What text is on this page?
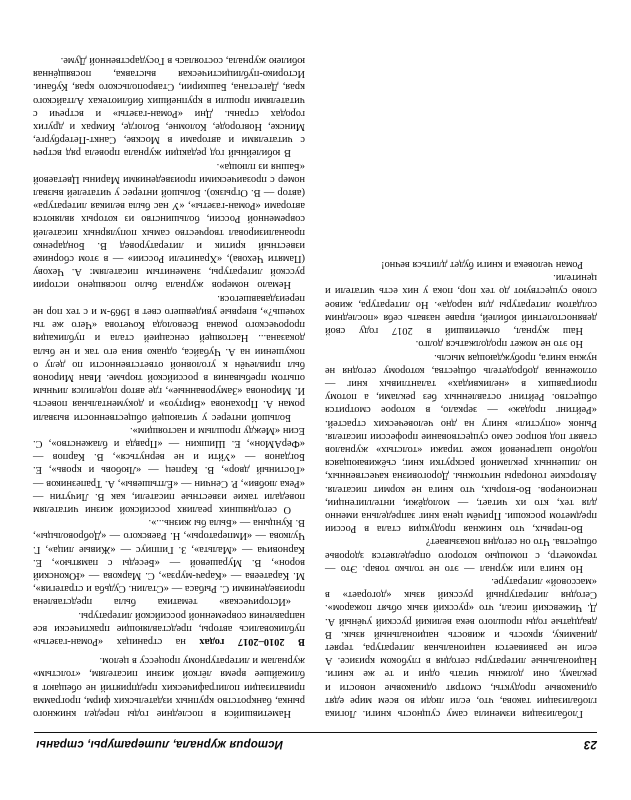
23
История журнала, литературы, страны

Глобализация изменила саму сущность книги. Логика глобализации такова, что, если люди во всем мире едят одинаковые продукты, смотрят одинаковые новости и рекламу, они должны читать одни и те же книги. Национальные литературы сегодня в глубоком кризисе. А если не развивается национальная литература, теряет динамику, яркость и живость национальный язык. В двадцатые годы прошлого века великий русский учёный А. Д. Чижевский писал, что «русский язык объят пожаром». Сегодня литературный русский язык «догорает» в «массовой» литературе.

Но книга или журнал — это не только товар. Это — термометр, с помощью которого определяется здоровье общества. Что он сегодня показывает?

Во-первых, что книжная продукция стала в России предметом роскоши. Причём цена книг запредельна именно для тех, кто их читает, — молодёжи, интеллигенции, пенсионеров. Во-вторых, что книга не кормит писателя. Авторские гонорары ничтожны. Дороговизна качественных, но лишенных рекламной раскрутки книг, съёживающаяся подобно шагреневой коже тиражи «толстых» журналов ставят под вопрос само существование профессии писателя. Рынок «опустил» книгу на дно человеческих страстей. «Рейтинг продаж» — зеркало, в которое смотрится общество. Рейтинг оставленных без реклами, а потому проигравших в «неликвидах» талантливых книг — отложенная добродетель общества, которому сегодня не нужна книга, пробуждающая мысль.

Но это не может продолжаться долго.

Наш журнал, отметивший в 2017 году свой девяностолетний юбилей, вправе назвать себя «последним солдатом литературы для народа». Но литература, живое слово существуют до тех пор, пока у них есть читатели и ценители.

Роман человека и книги будет длиться вечно!

Наметившийся в последние годы передел книжного рынка, банкротство крупных издательских фирм, программа приватизации полиграфических предприятий не обещают в ближайшее время лёгкой жизни писателям, «толстым» журналам и литературному процессу в целом.

В 2010–2017 годах на страницах «Роман-газеты» публиковались авторы, представляющие практически все направления современной российской литературы.

«Историческая» тематика была представлена произведениями С. Рыбаса — «Сталин. Судьба и стратегия», М. Каратеева — «Карач-мурза», С. Маркова — «Юконский ворон», В. Мурашевой — «Беседы с памятью», Е. Карновича — «Мальта», З. Гиппиус — «Живые лица», Г. Чулкова — «Императоры», Н. Раевского — «Добровольцы», В. Кунцына — «Была бы жизнь...».

О сегодняшних реалиях российской жизни читателям поведали такие известные писатели, как В. Личутин — «Река любви», Р. Сенчин — «Ёлтышевы», А. Трапезников — «Гостиный двор», В. Карпец — «Любовь и кровь», Е. Богданов — «Уйти и не вернуться», В. Карпов — «ФерАМон», Е. Шишкин — «Правда и блаженство», С. Есин «Между прошлым и настоящим».

Большой интерес у читающей общественности вызвали роман А. Проханова «Виртуоз» и документальная повесть И. Миронова «Замурованные», где автор поделился личным опытом пребывания в российской тюрьме. Иван Миронов был привлечён к уголовной ответственности по делу о покушении на А. Чубайса, однако вина его так и не была доказана... Настоящей сенсацией стала и публикация пророческого романа Всеволода Кочетова «Чего же ты хочешь?», впервые увидевшего свет в 1969-м и с тех пор не переиздававшегося.

Немало номеров журнала было посвящено истории русской литературы, знаменитым писателям: А. Чехову (Памяти Чехова), «Хранители России» — в этом сборнике известный критик и литературовед В. Бондаренко проанализировал творчество самых популярных писателей современной России, большинство из которых являются авторами «Роман-газеты», «У нас была великая литература» (автор — В. Огрызко). Большой интерес у читателей вызвал номер с прозаическими произведениями Марины Цветаевой «Башня из плюща».

В юбилейный год редакции журнала провела ряд встреч с читателями и авторами в Москве, Санкт-Петербурге, Минске, Новгороде, Коломне, Вологде, Кимрах и других городах страны. Дни «Роман-газеты» и встречи с читателями прошли в крупнейших библиотеках Алтайского края, Дагестана, Башкирии, Ставропольского края, Кубани. Историко-публицистическая выставка, посвящённая юбилею журнала, состоялась в Государственной Думе.
